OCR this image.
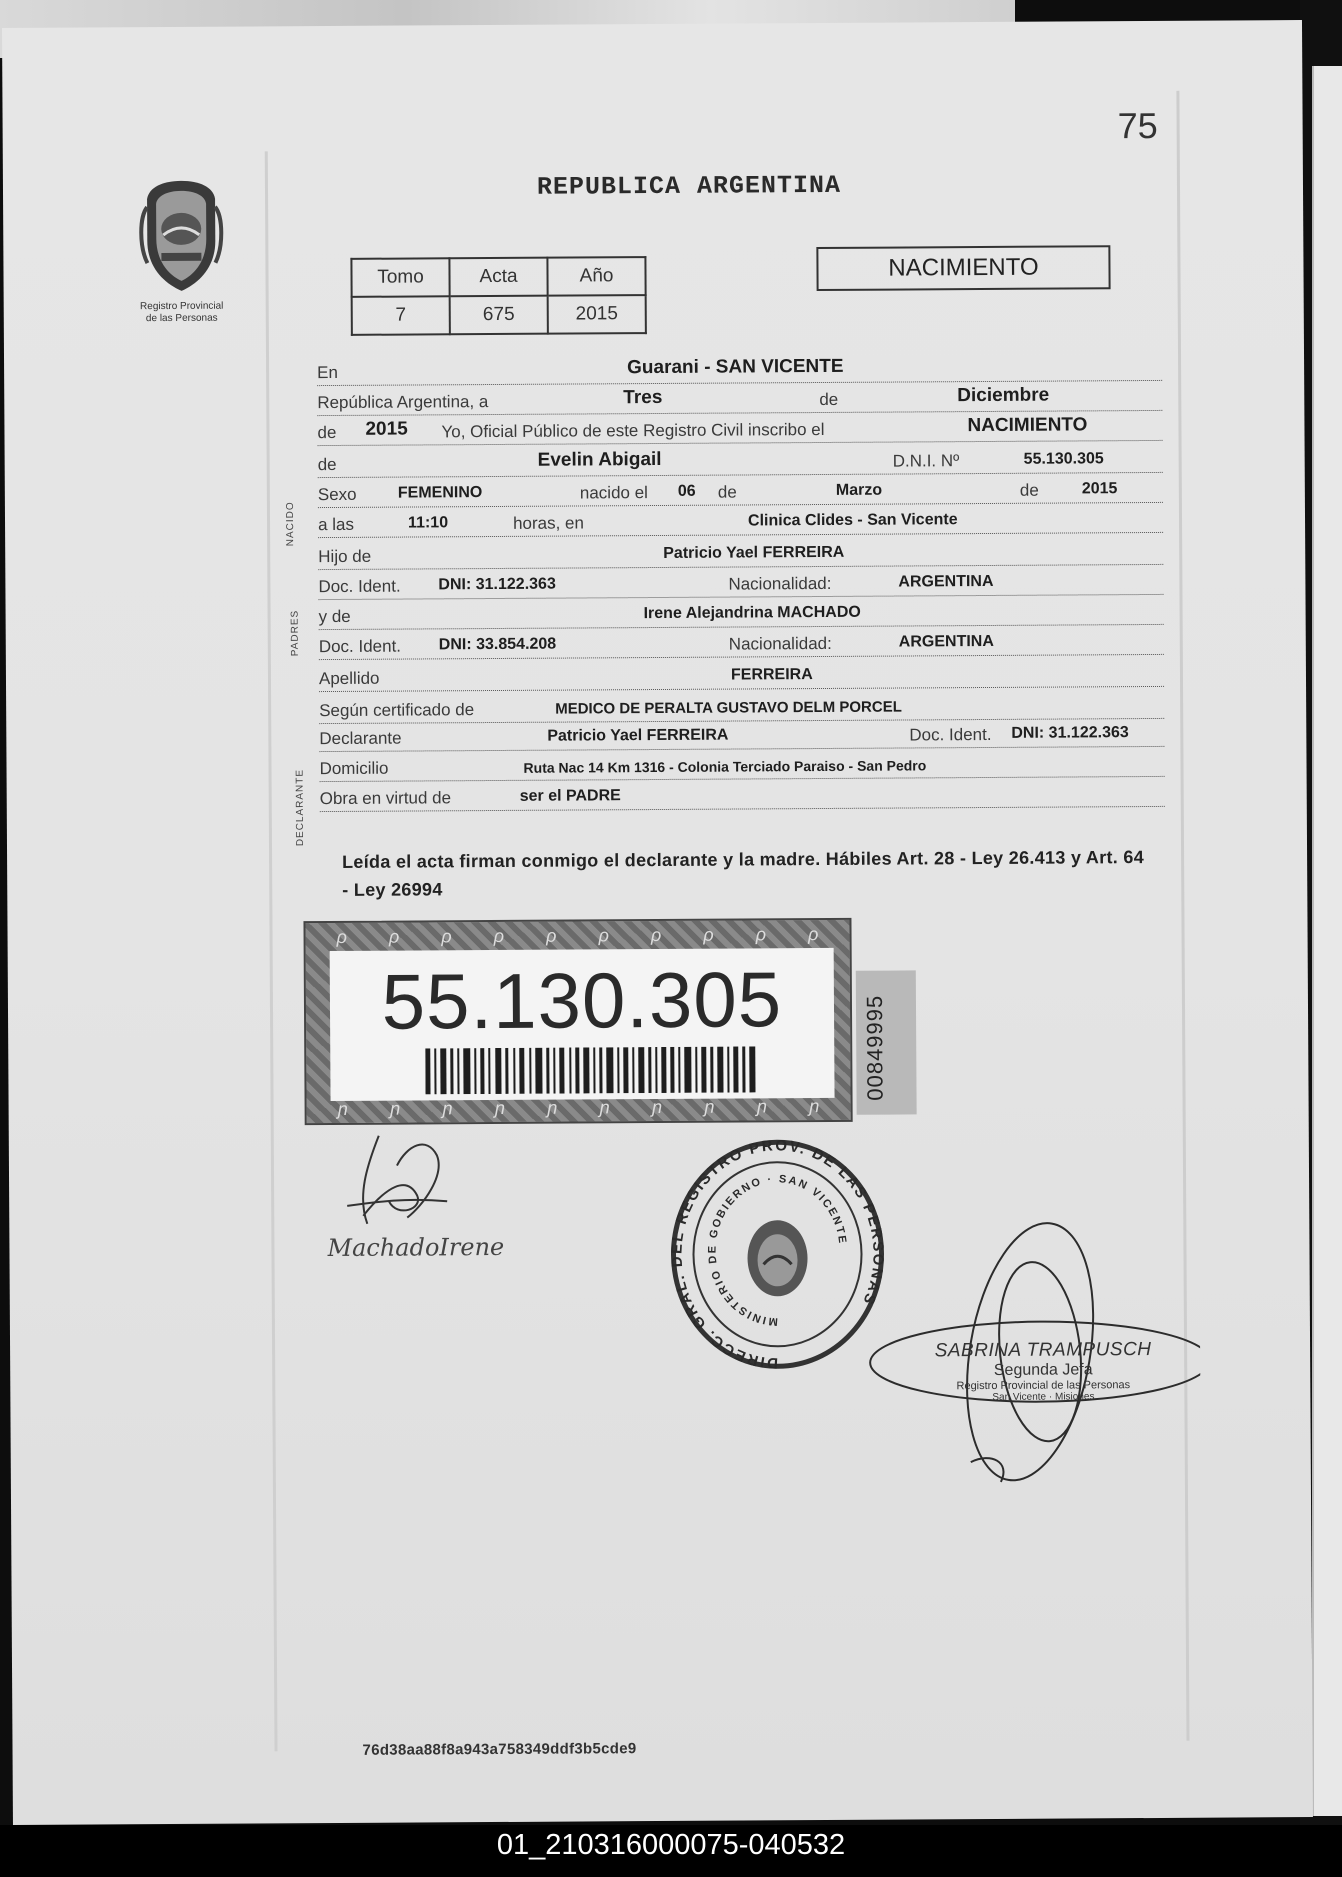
75
Registro Provincial
de las Personas
REPUBLICA ARGENTINA
Tomo	Acta	Año
7	675	2015
NACIMIENTO
NACIDO
PADRES
DECLARANTE
En	Guarani - SAN VICENTE
República Argentina, a	Tres	de	Diciembre
de 2015 Yo, Oficial Público de este Registro Civil inscribo el	NACIMIENTO
de	Evelin Abigail	D.N.I. Nº	55.130.305
Sexo	FEMENINO	nacido el 06 de	Marzo	de	2015
a las	11:10	horas, en	Clinica Clides - San Vicente
Hijo de	Patricio Yael FERREIRA
Doc. Ident. DNI: 31.122.363	Nacionalidad:	ARGENTINA
y de	Irene Alejandrina MACHADO
Doc. Ident. DNI: 33.854.208	Nacionalidad:	ARGENTINA
Apellido	FERREIRA
Según certificado de	MEDICO DE PERALTA GUSTAVO DELM PORCEL
Declarante	Patricio Yael FERREIRA	Doc. Ident. DNI: 31.122.363
Domicilio	Ruta Nac 14 Km 1316 - Colonia Terciado Paraiso - San Pedro
Obra en virtud de	ser el PADRE
Leída el acta firman conmigo el declarante y la madre. Hábiles Art. 28 - Ley 26.413 y Art. 64 - Ley 26994
ρ ρ ρ ρ ρ ρ ρ ρ ρ ρ
55.130.305
ɲ ɲ ɲ ɲ ɲ ɲ ɲ ɲ ɲ ɲ
00849995
MachadoIrene
DIRECC. GRAL. DEL REGISTRO PROV. DE LAS PERSONAS
MINISTERIO DE GOBIERNO · SAN VICENTE
SABRINA TRAMPUSCH
Segunda Jefa
Registro Provincial de las Personas
San Vicente · Misiones
76d38aa88f8a943a758349ddf3b5cde9
01_210316000075-040532
